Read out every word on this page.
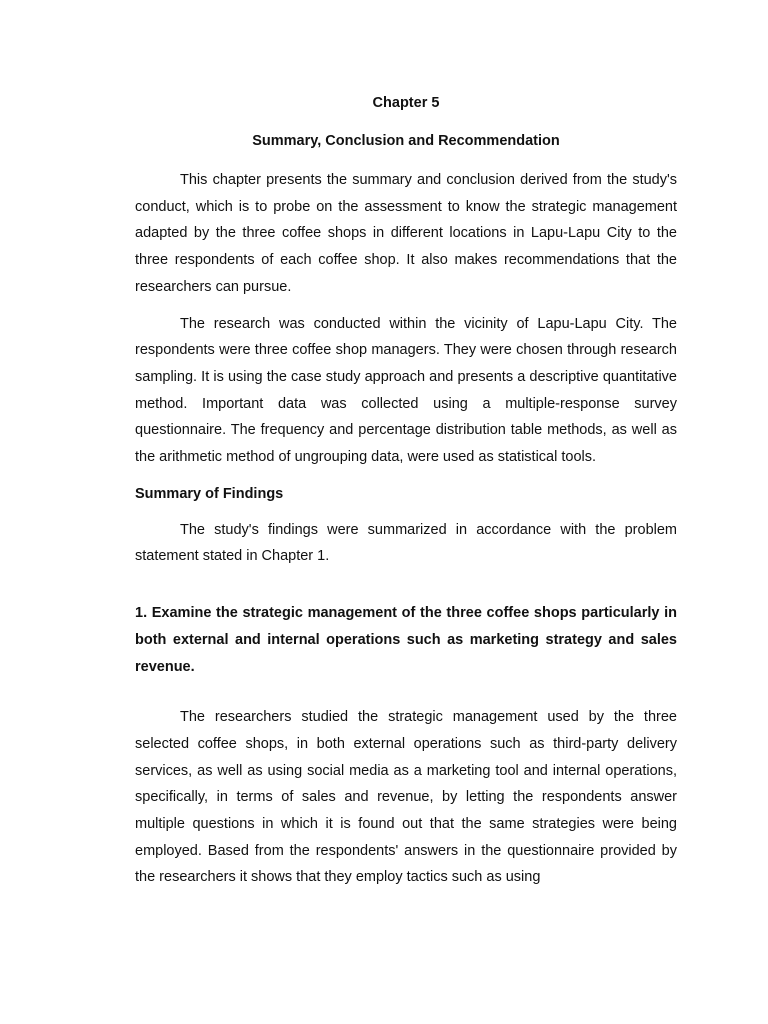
Chapter 5
Summary, Conclusion and Recommendation

This chapter presents the summary and conclusion derived from the study's conduct, which is to probe on the assessment to know the strategic management adapted by the three coffee shops in different locations in Lapu-Lapu City to the three respondents of each coffee shop. It also makes recommendations that the researchers can pursue.

The research was conducted within the vicinity of Lapu-Lapu City. The respondents were three coffee shop managers. They were chosen through research sampling. It is using the case study approach and presents a descriptive quantitative method. Important data was collected using a multiple-response survey questionnaire. The frequency and percentage distribution table methods, as well as the arithmetic method of ungrouping data, were used as statistical tools.

Summary of Findings

The study's findings were summarized in accordance with the problem statement stated in Chapter 1.

1. Examine the strategic management of the three coffee shops particularly in both external and internal operations such as marketing strategy and sales revenue.

The researchers studied the strategic management used by the three selected coffee shops, in both external operations such as third-party delivery services, as well as using social media as a marketing tool and internal operations, specifically, in terms of sales and revenue, by letting the respondents answer multiple questions in which it is found out that the same strategies were being employed. Based from the respondents' answers in the questionnaire provided by the researchers it shows that they employ tactics such as using
